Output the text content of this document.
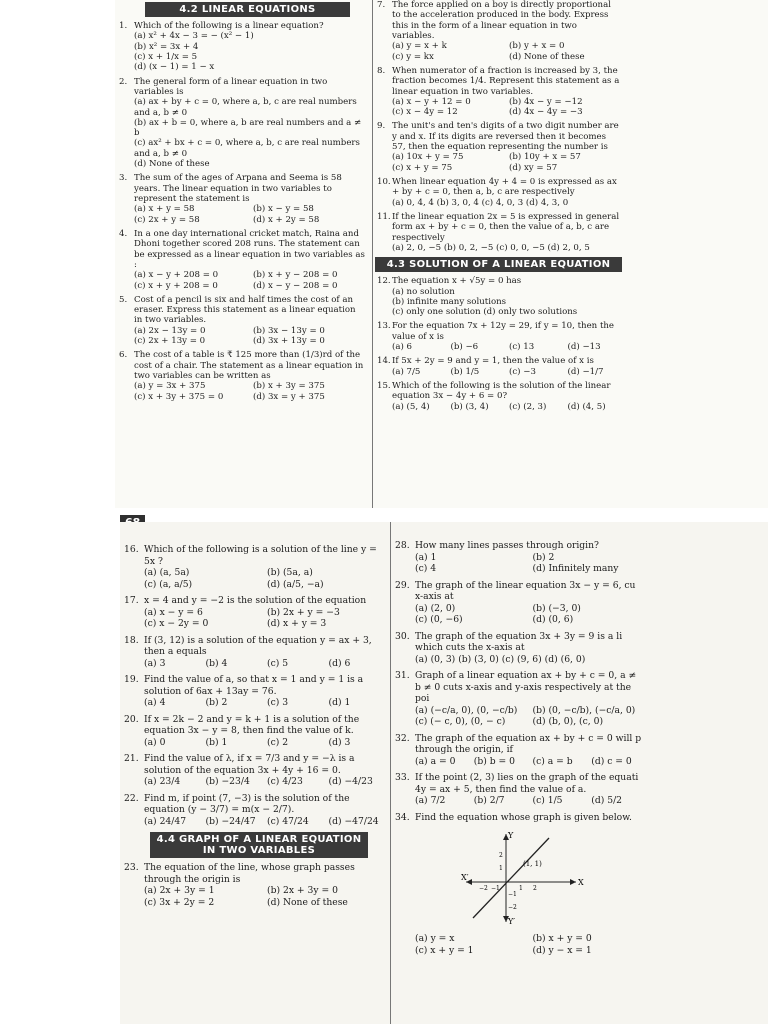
4.2 LINEAR EQUATIONS
1. Which of the following is a linear equation?
(a) x² + 4x − 3 = − (x² − 1)
(b) x² = 3x + 4
(c) x + 1/x = 5
(d) (x − 1) = 1 − x
2. The general form of a linear equation in two variables is
(a) ax + by + c = 0, where a, b, c are real numbers and a, b ≠ 0
(b) ax + b = 0, where a, b are real numbers and a ≠ b
(c) ax² + bx + c = 0, where a, b, c are real numbers and a, b ≠ 0
(d) None of these
3. The sum of the ages of Arpana and Seema is 58 years. The linear equation in two variables to represent the statement is
(a) x + y = 58	(b) x − y = 58
(c) 2x + y = 58	(d) x + 2y = 58
4. In a one day international cricket match, Raina and Dhoni together scored 208 runs. The statement can be expressed as a linear equation in two variables as :
(a) x − y + 208 = 0	(b) x + y − 208 = 0
(c) x + y + 208 = 0	(d) x − y − 208 = 0
5. Cost of a pencil is six and half times the cost of an eraser. Express this statement as a linear equation in two variables.
(a) 2x − 13y = 0	(b) 3x − 13y = 0
(c) 2x + 13y = 0	(d) 3x + 13y = 0
6. The cost of a table is ₹ 125 more than (1/3)rd of the cost of a chair. The statement as a linear equation in two variables can be written as
(a) y = 3x + 375	(b) x + 3y = 375
(c) x + 3y + 375 = 0	(d) 3x = y + 375
7. The force applied on a boy is directly proportional to the acceleration produced in the body. Express this in the form of a linear equation in two variables.
(a) y = x + k	(b) y + x = 0
(c) y = kx	(d) None of these
8. When numerator of a fraction is increased by 3, the fraction becomes 1/4. Represent this statement as a linear equation in two variables.
(a) x − y + 12 = 0	(b) 4x − y = −12
(c) x − 4y = 12	(d) 4x − 4y = −3
9. The unit's and ten's digits of a two digit number are y and x. If its digits are reversed then it becomes 57, then the equation representing the number is
(a) 10x + y = 75	(b) 10y + x = 57
(c) x + y = 75	(d) xy = 57
10. When linear equation 4y + 4 = 0 is expressed as ax + by + c = 0, then a, b, c are respectively
(a) 0, 4, 4 (b) 3, 0, 4 (c) 4, 0, 3 (d) 4, 3, 0
11. If the linear equation 2x = 5 is expressed in general form ax + by + c = 0, then the value of a, b, c are respectively
(a) 2, 0, −5 (b) 0, 2, −5 (c) 0, 0, −5 (d) 2, 0, 5
4.3 SOLUTION OF A LINEAR EQUATION
12. The equation x + √5y = 0 has
(a) no solution
(b) infinite many solutions
(c) only one solution (d) only two solutions
13. For the equation 7x + 12y = 29, if y = 10, then the value of x is
(a) 6	(b) −6	(c) 13	(d) −13
14. If 5x + 2y = 9 and y = 1, then the value of x is
(a) 7/5	(b) 1/5	(c) −3	(d) −1/7
15. Which of the following is the solution of the linear equation 3x − 4y + 6 = 0?
(a) (5, 4)	(b) (3, 4)	(c) (2, 3)	(d) (4, 5)
16. Which of the following is a solution of the line y = 5x ?
(a) (a, 5a)	(b) (5a, a)
(c) (a, a/5)	(d) (a/5, −a)
17. x = 4 and y = −2 is the solution of the equation
(a) x − y = 6	(b) 2x + y = −3
(c) x − 2y = 0	(d) x + y = 3
18. If (3, 12) is a solution of the equation y = ax + 3, then a equals
(a) 3	(b) 4	(c) 5	(d) 6
19. Find the value of a, so that x = 1 and y = 1 is a solution of 6ax + 13ay = 76.
(a) 4	(b) 2	(c) 3	(d) 1
20. If x = 2k − 2 and y = k + 1 is a solution of the equation 3x − y = 8, then find the value of k.
(a) 0	(b) 1	(c) 2	(d) 3
21. Find the value of λ, if x = 7/3 and y = −λ is a solution of the equation 3x + 4y + 16 = 0.
(a) 23/4	(b) −23/4	(c) 4/23	(d) −4/23
22. Find m, if point (7, −3) is the solution of the equation (y − 3/7) = m(x − 2/7).
(a) 24/47	(b) −24/47	(c) 47/24	(d) −47/24
4.4 GRAPH OF A LINEAR EQUATION IN TWO VARIABLES
23. The equation of the line, whose graph passes through the origin is
(a) 2x + 3y = 1	(b) 2x + 3y = 0
(c) 3x + 2y = 2	(d) None of these
28. How many lines passes through origin?
(a) 1	(b) 2
(c) 4	(d) Infinitely many
29. The graph of the linear equation 3x − y = 6, cu x-axis at
(a) (2, 0)	(b) (−3, 0)
(c) (0, −6)	(d) (0, 6)
30. The graph of the equation 3x + 3y = 9 is a li which cuts the x-axis at
(a) (0, 3) (b) (3, 0) (c) (9, 6) (d) (6, 0)
31. Graph of a linear equation ax + by + c = 0, a ≠ b ≠ 0 cuts x-axis and y-axis respectively at the poi
(a) (−c/a, 0), (0, −c/b)	(b) (0, −c/b), (−c/a, 0)
(c) (− c, 0), (0, − c)	(d) (b, 0), (c, 0)
32. The graph of the equation ax + by + c = 0 will p through the origin, if
(a) a = 0	(b) b = 0	(c) a = b	(d) c = 0
33. If the point (2, 3) lies on the graph of the equati 4y = ax + 5, then find the value of a.
(a) 7/2	(b) 2/7	(c) 1/5	(d) 5/2
34. Find the equation whose graph is given below.
X
X′
Y
Y′
(1, 1)
−2 −1	1 2
2
1
−1
−2
(a) y = x	(b) x + y = 0
(c) x + y = 1	(d) y − x = 1
